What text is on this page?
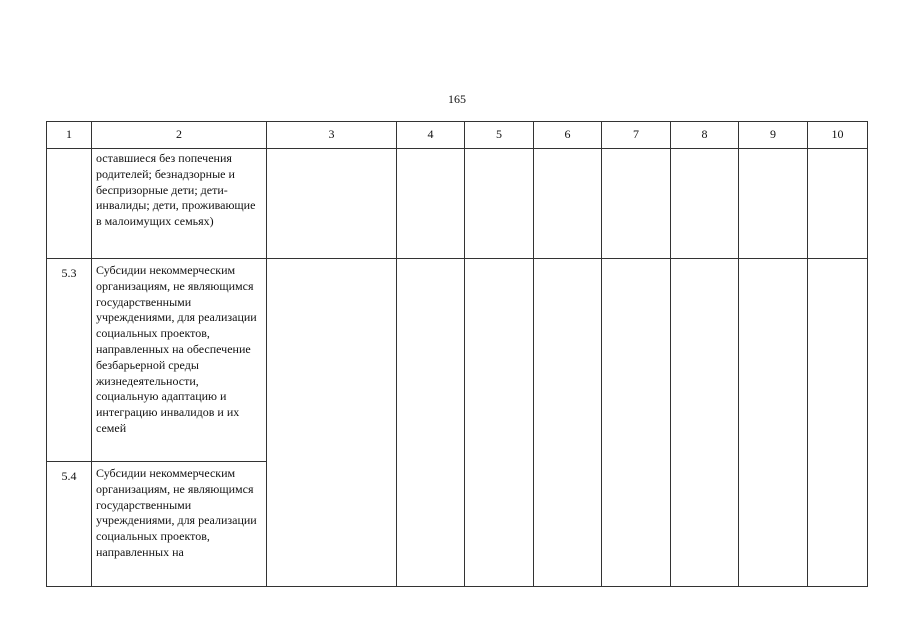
165
1	2	3	4	5	6	7	8	9	10
	оставшиеся без попечения родителей; безнадзорные и беспризорные дети; дети-инвалиды; дети, проживающие в малоимущих семьях)								
5.3	Субсидии некоммерческим организациям, не являющимся государственными учреждениями, для реализации социальных проектов, направленных на обеспечение безбарьерной среды жизнедеятельности, социальную адаптацию и интеграцию инвалидов и их семей								
5.4	Субсидии некоммерческим организациям, не являющимся государственными учреждениями, для реализации социальных проектов, направленных на								
